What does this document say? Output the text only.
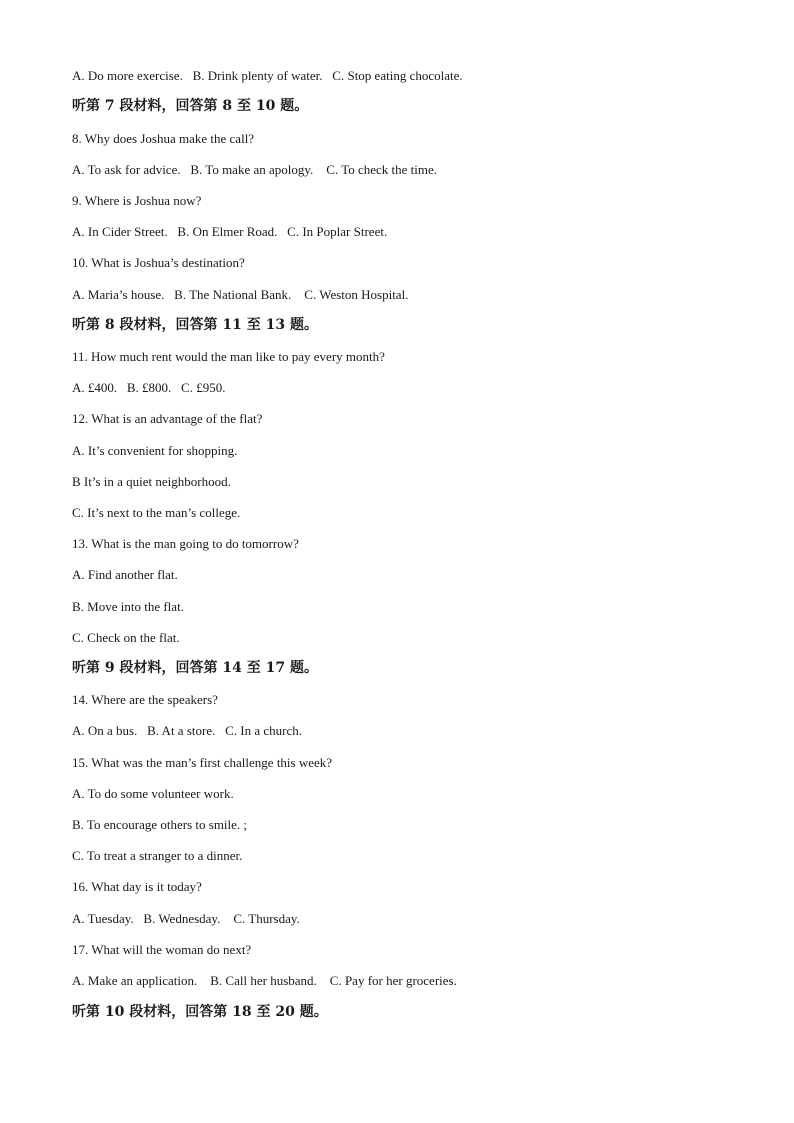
A. Do more exercise.   B. Drink plenty of water.   C. Stop eating chocolate.
听第 7 段材料，回答第 8 至 10 题。
8. Why does Joshua make the call?
A. To ask for advice.   B. To make an apology.    C. To check the time.
9. Where is Joshua now?
A. In Cider Street.   B. On Elmer Road.   C. In Poplar Street.
10. What is Joshua’s destination?
A. Maria’s house.   B. The National Bank.    C. Weston Hospital.
听第 8 段材料，回答第 11 至 13 题。
11. How much rent would the man like to pay every month?
A. £400.   B. £800.   C. £950.
12. What is an advantage of the flat?
A. It’s convenient for shopping.
B It’s in a quiet neighborhood.
C. It’s next to the man’s college.
13. What is the man going to do tomorrow?
A. Find another flat.
B. Move into the flat.
C. Check on the flat.
听第 9 段材料，回答第 14 至 17 题。
14. Where are the speakers?
A. On a bus.   B. At a store.   C. In a church.
15. What was the man’s first challenge this week?
A. To do some volunteer work.
B. To encourage others to smile. ;
C. To treat a stranger to a dinner.
16. What day is it today?
A. Tuesday.   B. Wednesday.    C. Thursday.
17. What will the woman do next?
A. Make an application.    B. Call her husband.    C. Pay for her groceries.
听第 10 段材料，回答第 18 至 20 题。
